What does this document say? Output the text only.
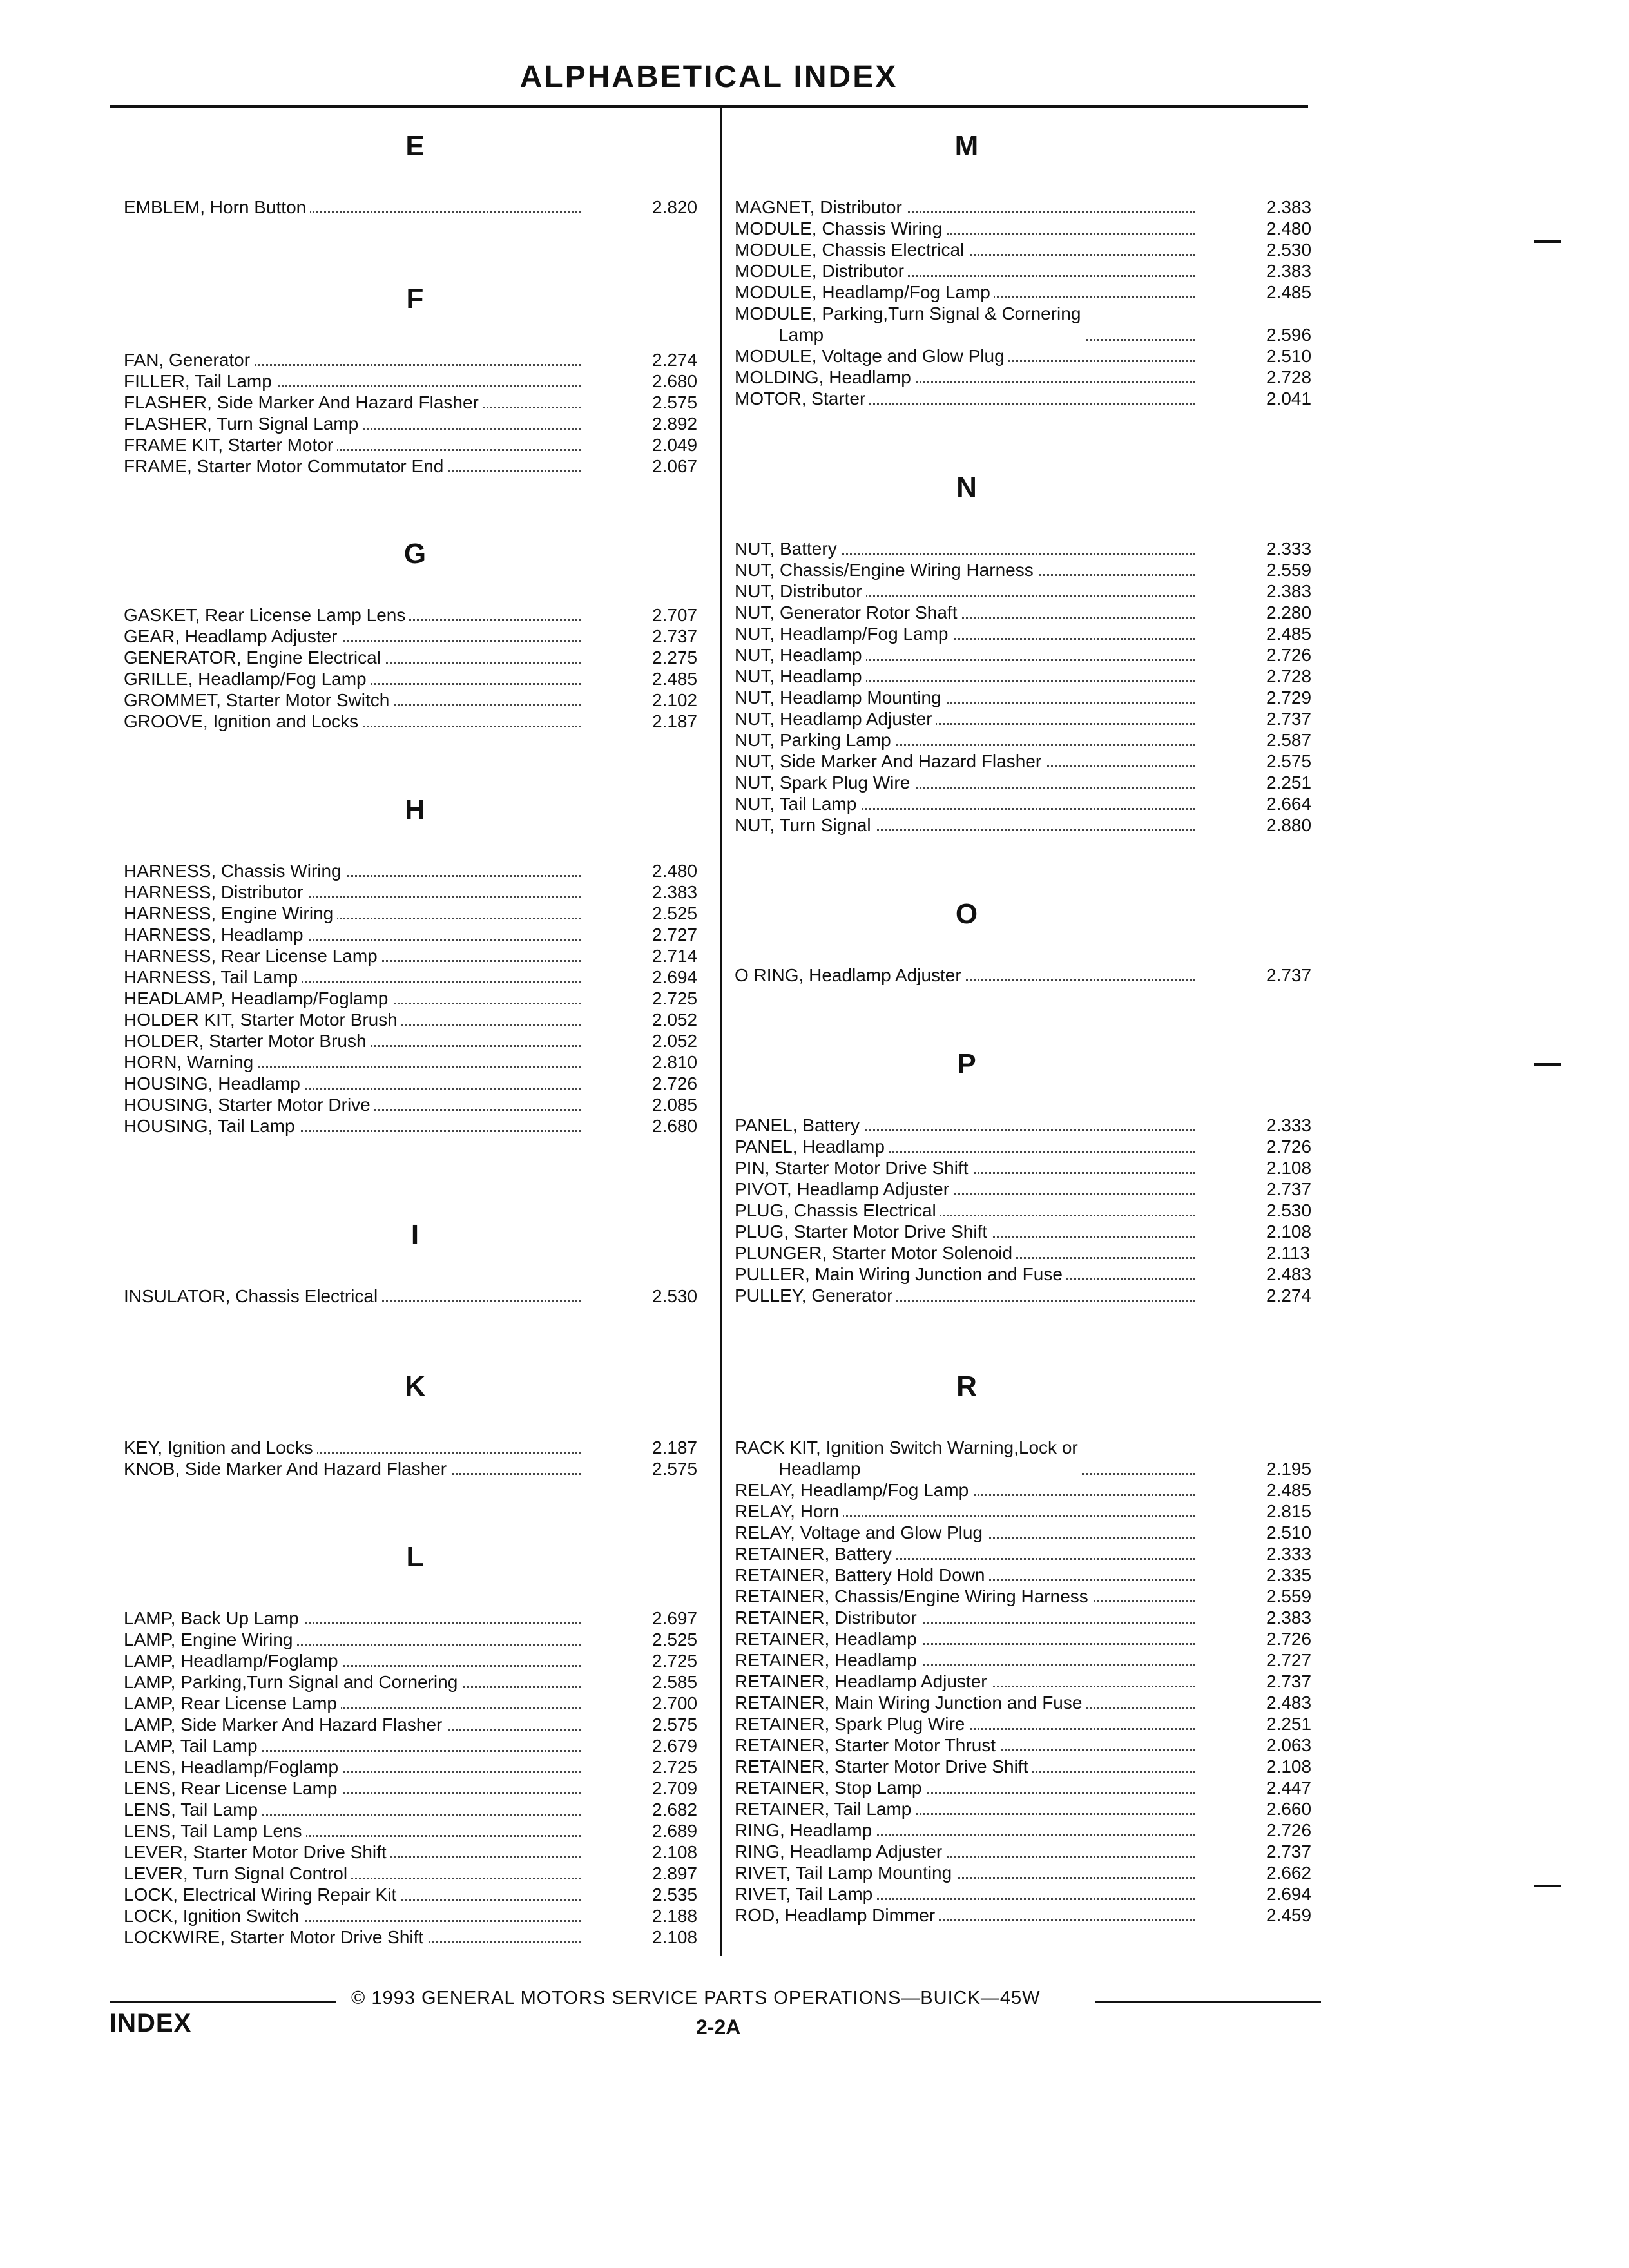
ALPHABETICAL INDEX
E
EMBLEM, Horn Button	2.820
F
FAN, Generator	2.274
FILLER, Tail Lamp	2.680
FLASHER, Side Marker And Hazard Flasher	2.575
FLASHER, Turn Signal Lamp	2.892
FRAME KIT, Starter Motor	2.049
FRAME, Starter Motor Commutator End	2.067
G
GASKET, Rear License Lamp Lens	2.707
GEAR, Headlamp Adjuster	2.737
GENERATOR, Engine Electrical	2.275
GRILLE, Headlamp/Fog Lamp	2.485
GROMMET, Starter Motor Switch	2.102
GROOVE, Ignition and Locks	2.187
H
HARNESS, Chassis Wiring	2.480
HARNESS, Distributor	2.383
HARNESS, Engine Wiring	2.525
HARNESS, Headlamp	2.727
HARNESS, Rear License Lamp	2.714
HARNESS, Tail Lamp	2.694
HEADLAMP, Headlamp/Foglamp	2.725
HOLDER KIT, Starter Motor Brush	2.052
HOLDER, Starter Motor Brush	2.052
HORN, Warning	2.810
HOUSING, Headlamp	2.726
HOUSING, Starter Motor Drive	2.085
HOUSING, Tail Lamp	2.680
I
INSULATOR, Chassis Electrical	2.530
K
KEY, Ignition and Locks	2.187
KNOB, Side Marker And Hazard Flasher	2.575
L
LAMP, Back Up Lamp	2.697
LAMP, Engine Wiring	2.525
LAMP, Headlamp/Foglamp	2.725
LAMP, Parking,Turn Signal and Cornering	2.585
LAMP, Rear License Lamp	2.700
LAMP, Side Marker And Hazard Flasher	2.575
LAMP, Tail Lamp	2.679
LENS, Headlamp/Foglamp	2.725
LENS, Rear License Lamp	2.709
LENS, Tail Lamp	2.682
LENS, Tail Lamp Lens	2.689
LEVER, Starter Motor Drive Shift	2.108
LEVER, Turn Signal Control	2.897
LOCK, Electrical Wiring Repair Kit	2.535
LOCK, Ignition Switch	2.188
LOCKWIRE, Starter Motor Drive Shift	2.108
M
MAGNET, Distributor	2.383
MODULE, Chassis Wiring	2.480
MODULE, Chassis Electrical	2.530
MODULE, Distributor	2.383
MODULE, Headlamp/Fog Lamp	2.485
MODULE, Parking,Turn Signal & Cornering
Lamp	2.596
MODULE, Voltage and Glow Plug	2.510
MOLDING, Headlamp	2.728
MOTOR, Starter	2.041
N
NUT, Battery	2.333
NUT, Chassis/Engine Wiring Harness	2.559
NUT, Distributor	2.383
NUT, Generator Rotor Shaft	2.280
NUT, Headlamp/Fog Lamp	2.485
NUT, Headlamp	2.726
NUT, Headlamp	2.728
NUT, Headlamp Mounting	2.729
NUT, Headlamp Adjuster	2.737
NUT, Parking Lamp	2.587
NUT, Side Marker And Hazard Flasher	2.575
NUT, Spark Plug Wire	2.251
NUT, Tail Lamp	2.664
NUT, Turn Signal	2.880
O
O RING, Headlamp Adjuster	2.737
P
PANEL, Battery	2.333
PANEL, Headlamp	2.726
PIN, Starter Motor Drive Shift	2.108
PIVOT, Headlamp Adjuster	2.737
PLUG, Chassis Electrical	2.530
PLUG, Starter Motor Drive Shift	2.108
PLUNGER, Starter Motor Solenoid	2.113
PULLER, Main Wiring Junction and Fuse	2.483
PULLEY, Generator	2.274
R
RACK KIT, Ignition Switch Warning,Lock or
Headlamp	2.195
RELAY, Headlamp/Fog Lamp	2.485
RELAY, Horn	2.815
RELAY, Voltage and Glow Plug	2.510
RETAINER, Battery	2.333
RETAINER, Battery Hold Down	2.335
RETAINER, Chassis/Engine Wiring Harness	2.559
RETAINER, Distributor	2.383
RETAINER, Headlamp	2.726
RETAINER, Headlamp	2.727
RETAINER, Headlamp Adjuster	2.737
RETAINER, Main Wiring Junction and Fuse	2.483
RETAINER, Spark Plug Wire	2.251
RETAINER, Starter Motor Thrust	2.063
RETAINER, Starter Motor Drive Shift	2.108
RETAINER, Stop Lamp	2.447
RETAINER, Tail Lamp	2.660
RING, Headlamp	2.726
RING, Headlamp Adjuster	2.737
RIVET, Tail Lamp Mounting	2.662
RIVET, Tail Lamp	2.694
ROD, Headlamp Dimmer	2.459
© 1993 GENERAL MOTORS SERVICE PARTS OPERATIONS—BUICK—45W
INDEX	2-2A
